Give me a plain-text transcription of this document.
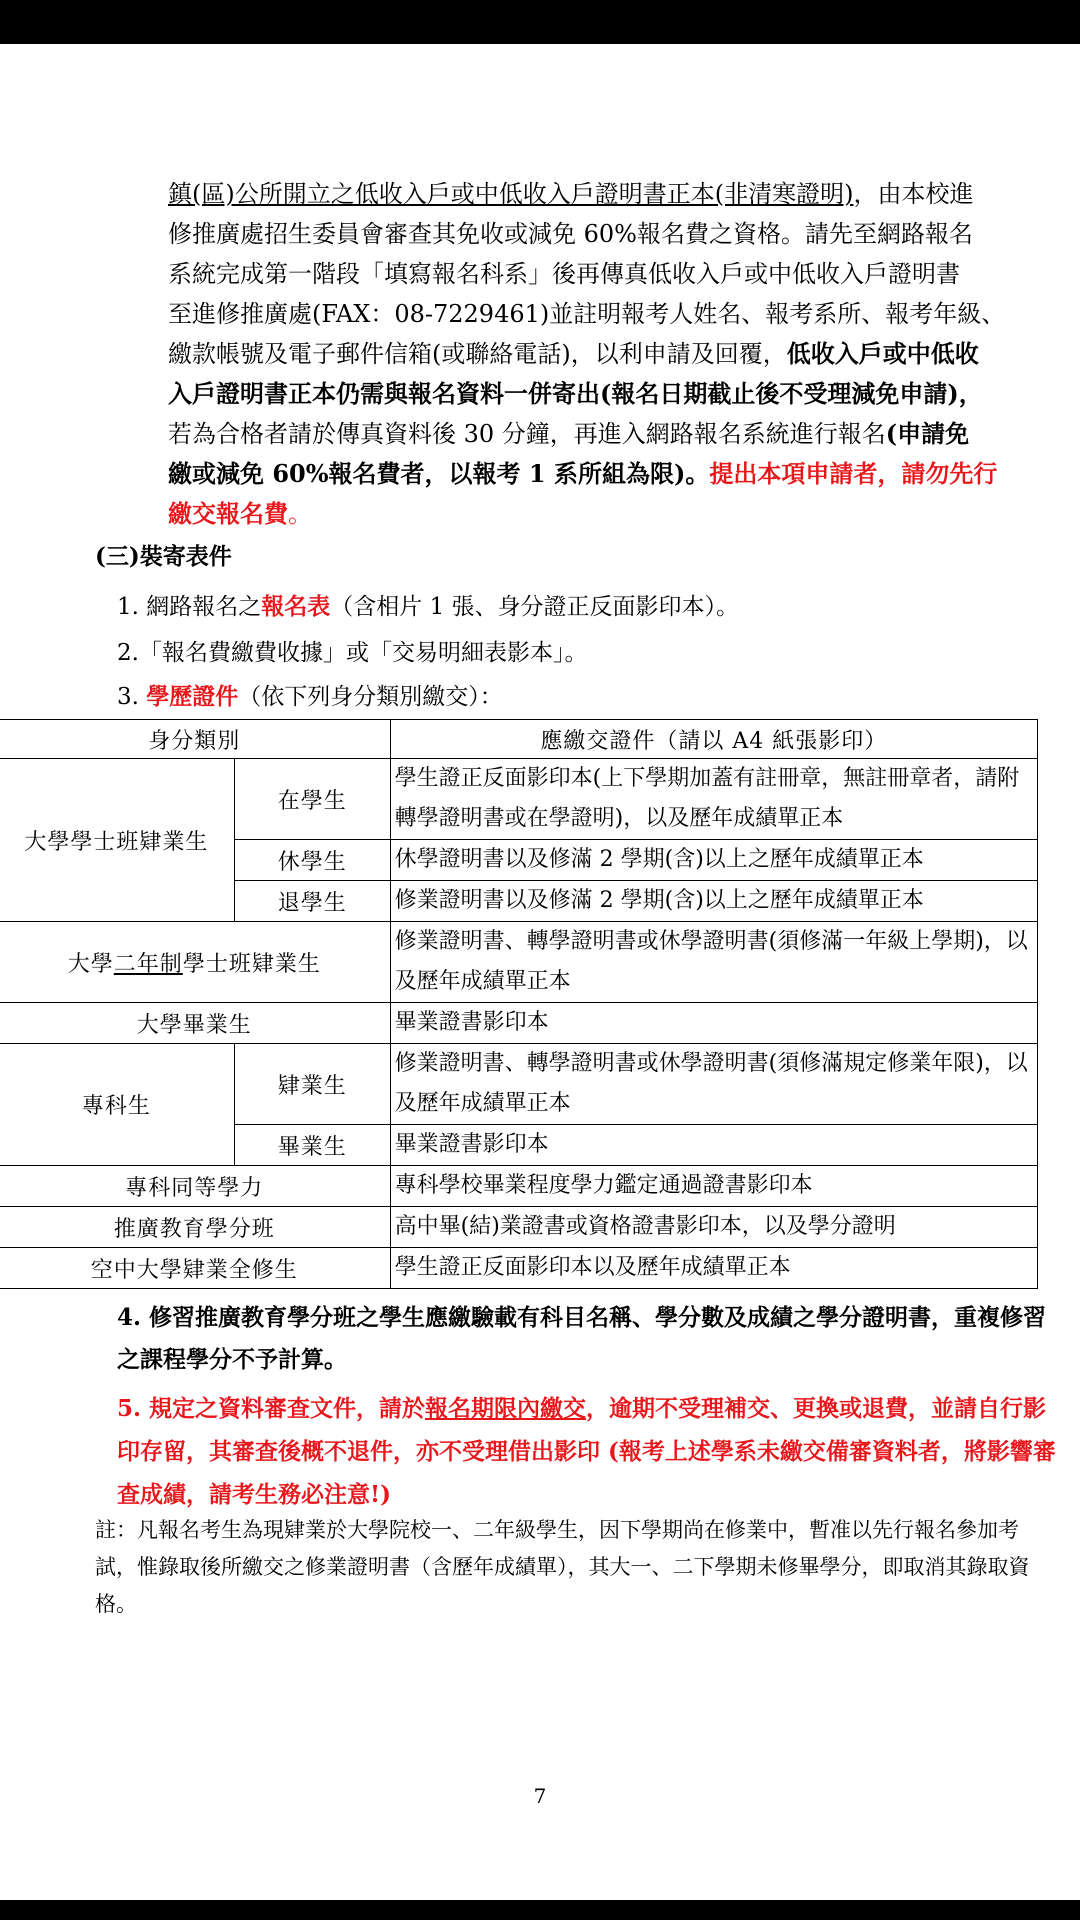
鎮(區)公所開立之低收入戶或中低收入戶證明書正本(非清寒證明)，由本校進
修推廣處招生委員會審查其免收或減免 60%報名費之資格。請先至網路報名
系統完成第一階段「填寫報名科系」後再傳真低收入戶或中低收入戶證明書
至進修推廣處(FAX：08-7229461)並註明報考人姓名、報考系所、報考年級、
繳款帳號及電子郵件信箱(或聯絡電話)，以利申請及回覆，低收入戶或中低收
入戶證明書正本仍需與報名資料一併寄出(報名日期截止後不受理減免申請)，
若為合格者請於傳真資料後 30 分鐘，再進入網路報名系統進行報名(申請免
繳或減免 60%報名費者，以報考 1 系所組為限)。提出本項申請者，請勿先行
繳交報名費。
(三)裝寄表件
1. 網路報名之報名表（含相片 1 張、身分證正反面影印本）。
2.「報名費繳費收據」或「交易明細表影本」。
3. 學歷證件（依下列身分類別繳交）：
身分類別		應繳交證件（請以 A4 紙張影印）
大學學士班肄業生	在學生	學生證正反面影印本(上下學期加蓋有註冊章，無註冊章者，請附轉學證明書或在學證明)，以及歷年成績單正本
	休學生	休學證明書以及修滿 2 學期(含)以上之歷年成績單正本
	退學生	修業證明書以及修滿 2 學期(含)以上之歷年成績單正本
大學二年制學士班肄業生		修業證明書、轉學證明書或休學證明書(須修滿一年級上學期)，以及歷年成績單正本
大學畢業生		畢業證書影印本
專科生	肄業生	修業證明書、轉學證明書或休學證明書(須修滿規定修業年限)，以及歷年成績單正本
	畢業生	畢業證書影印本
專科同等學力		專科學校畢業程度學力鑑定通過證書影印本
推廣教育學分班		高中畢(結)業證書或資格證書影印本，以及學分證明
空中大學肄業全修生		學生證正反面影印本以及歷年成績單正本
4. 修習推廣教育學分班之學生應繳驗載有科目名稱、學分數及成績之學分證明書，重複修習之課程學分不予計算。
5. 規定之資料審查文件，請於報名期限內繳交，逾期不受理補交、更換或退費，並請自行影印存留，其審查後概不退件，亦不受理借出影印 (報考上述學系未繳交備審資料者，將影響審查成績，請考生務必注意!)
註：凡報名考生為現肄業於大學院校一、二年級學生，因下學期尚在修業中，暫准以先行報名參加考試，惟錄取後所繳交之修業證明書（含歷年成績單），其大一、二下學期未修畢學分，即取消其錄取資格。
7
